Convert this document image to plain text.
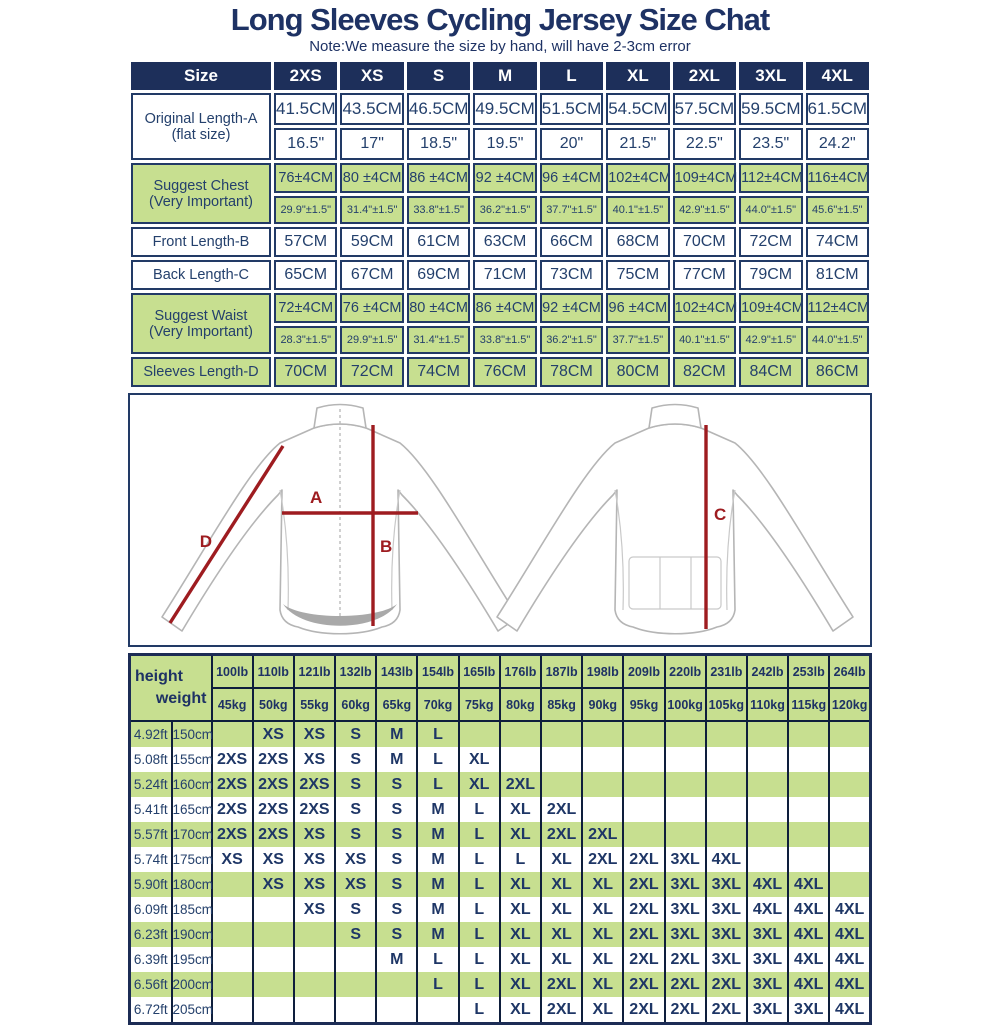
Long Sleeves Cycling Jersey Size Chat
Note:We measure the size by hand, will have 2-3cm error
Size	2XS	XS	S	M	L	XL	2XL	3XL	4XL

Original Length-A
(flat size)	41.5CM	43.5CM	46.5CM	49.5CM	51.5CM	54.5CM	57.5CM	59.5CM	61.5CM
	16.5"	17"	18.5"	19.5"	20"	21.5"	22.5"	23.5"	24.2"

Suggest Chest
(Very Important)	76±4CM	80 ±4CM	86 ±4CM	92 ±4CM	96 ±4CM	102±4CM	109±4CM	112±4CM	116±4CM
	29.9"±1.5"	31.4"±1.5"	33.8"±1.5"	36.2"±1.5"	37.7"±1.5"	40.1"±1.5"	42.9"±1.5"	44.0"±1.5"	45.6"±1.5"

Front Length-B	57CM	59CM	61CM	63CM	66CM	68CM	70CM	72CM	74CM

Back Length-C	65CM	67CM	69CM	71CM	73CM	75CM	77CM	79CM	81CM

Suggest Waist
(Very Important)	72±4CM	76 ±4CM	80 ±4CM	86 ±4CM	92 ±4CM	96 ±4CM	102±4CM	109±4CM	112±4CM
	28.3"±1.5"	29.9"±1.5"	31.4"±1.5"	33.8"±1.5"	36.2"±1.5"	37.7"±1.5"	40.1"±1.5"	42.9"±1.5"	44.0"±1.5"

Sleeves Length-D	70CM	72CM	74CM	76CM	78CM	80CM	82CM	84CM	86CM
D
A
B
C
weight
height		100lb	110lb	121lb	132lb	143lb	154lb	165lb	176lb	187lb	198lb	209lb	220lb	231lb	242lb	253lb	264lb
		45kg	50kg	55kg	60kg	65kg	70kg	75kg	80kg	85kg	90kg	95kg	100kg	105kg	110kg	115kg	120kg
4.92ft	150cm		XS	XS	S	M	L										
5.08ft	155cm	2XS	2XS	XS	S	M	L	XL									
5.24ft	160cm	2XS	2XS	2XS	S	S	L	XL	2XL								
5.41ft	165cm	2XS	2XS	2XS	S	S	M	L	XL	2XL							
5.57ft	170cm	2XS	2XS	XS	S	S	M	L	XL	2XL	2XL						
5.74ft	175cm	XS	XS	XS	XS	S	M	L	L	XL	2XL	2XL	3XL	4XL			
5.90ft	180cm		XS	XS	XS	S	M	L	XL	XL	XL	2XL	3XL	3XL	4XL	4XL	
6.09ft	185cm			XS	S	S	M	L	XL	XL	XL	2XL	3XL	3XL	4XL	4XL	4XL
6.23ft	190cm				S	S	M	L	XL	XL	XL	2XL	3XL	3XL	3XL	4XL	4XL
6.39ft	195cm					M	L	L	XL	XL	XL	2XL	2XL	3XL	3XL	4XL	4XL
6.56ft	200cm						L	L	XL	2XL	XL	2XL	2XL	2XL	3XL	4XL	4XL
6.72ft	205cm							L	XL	2XL	XL	2XL	2XL	2XL	3XL	3XL	4XL
